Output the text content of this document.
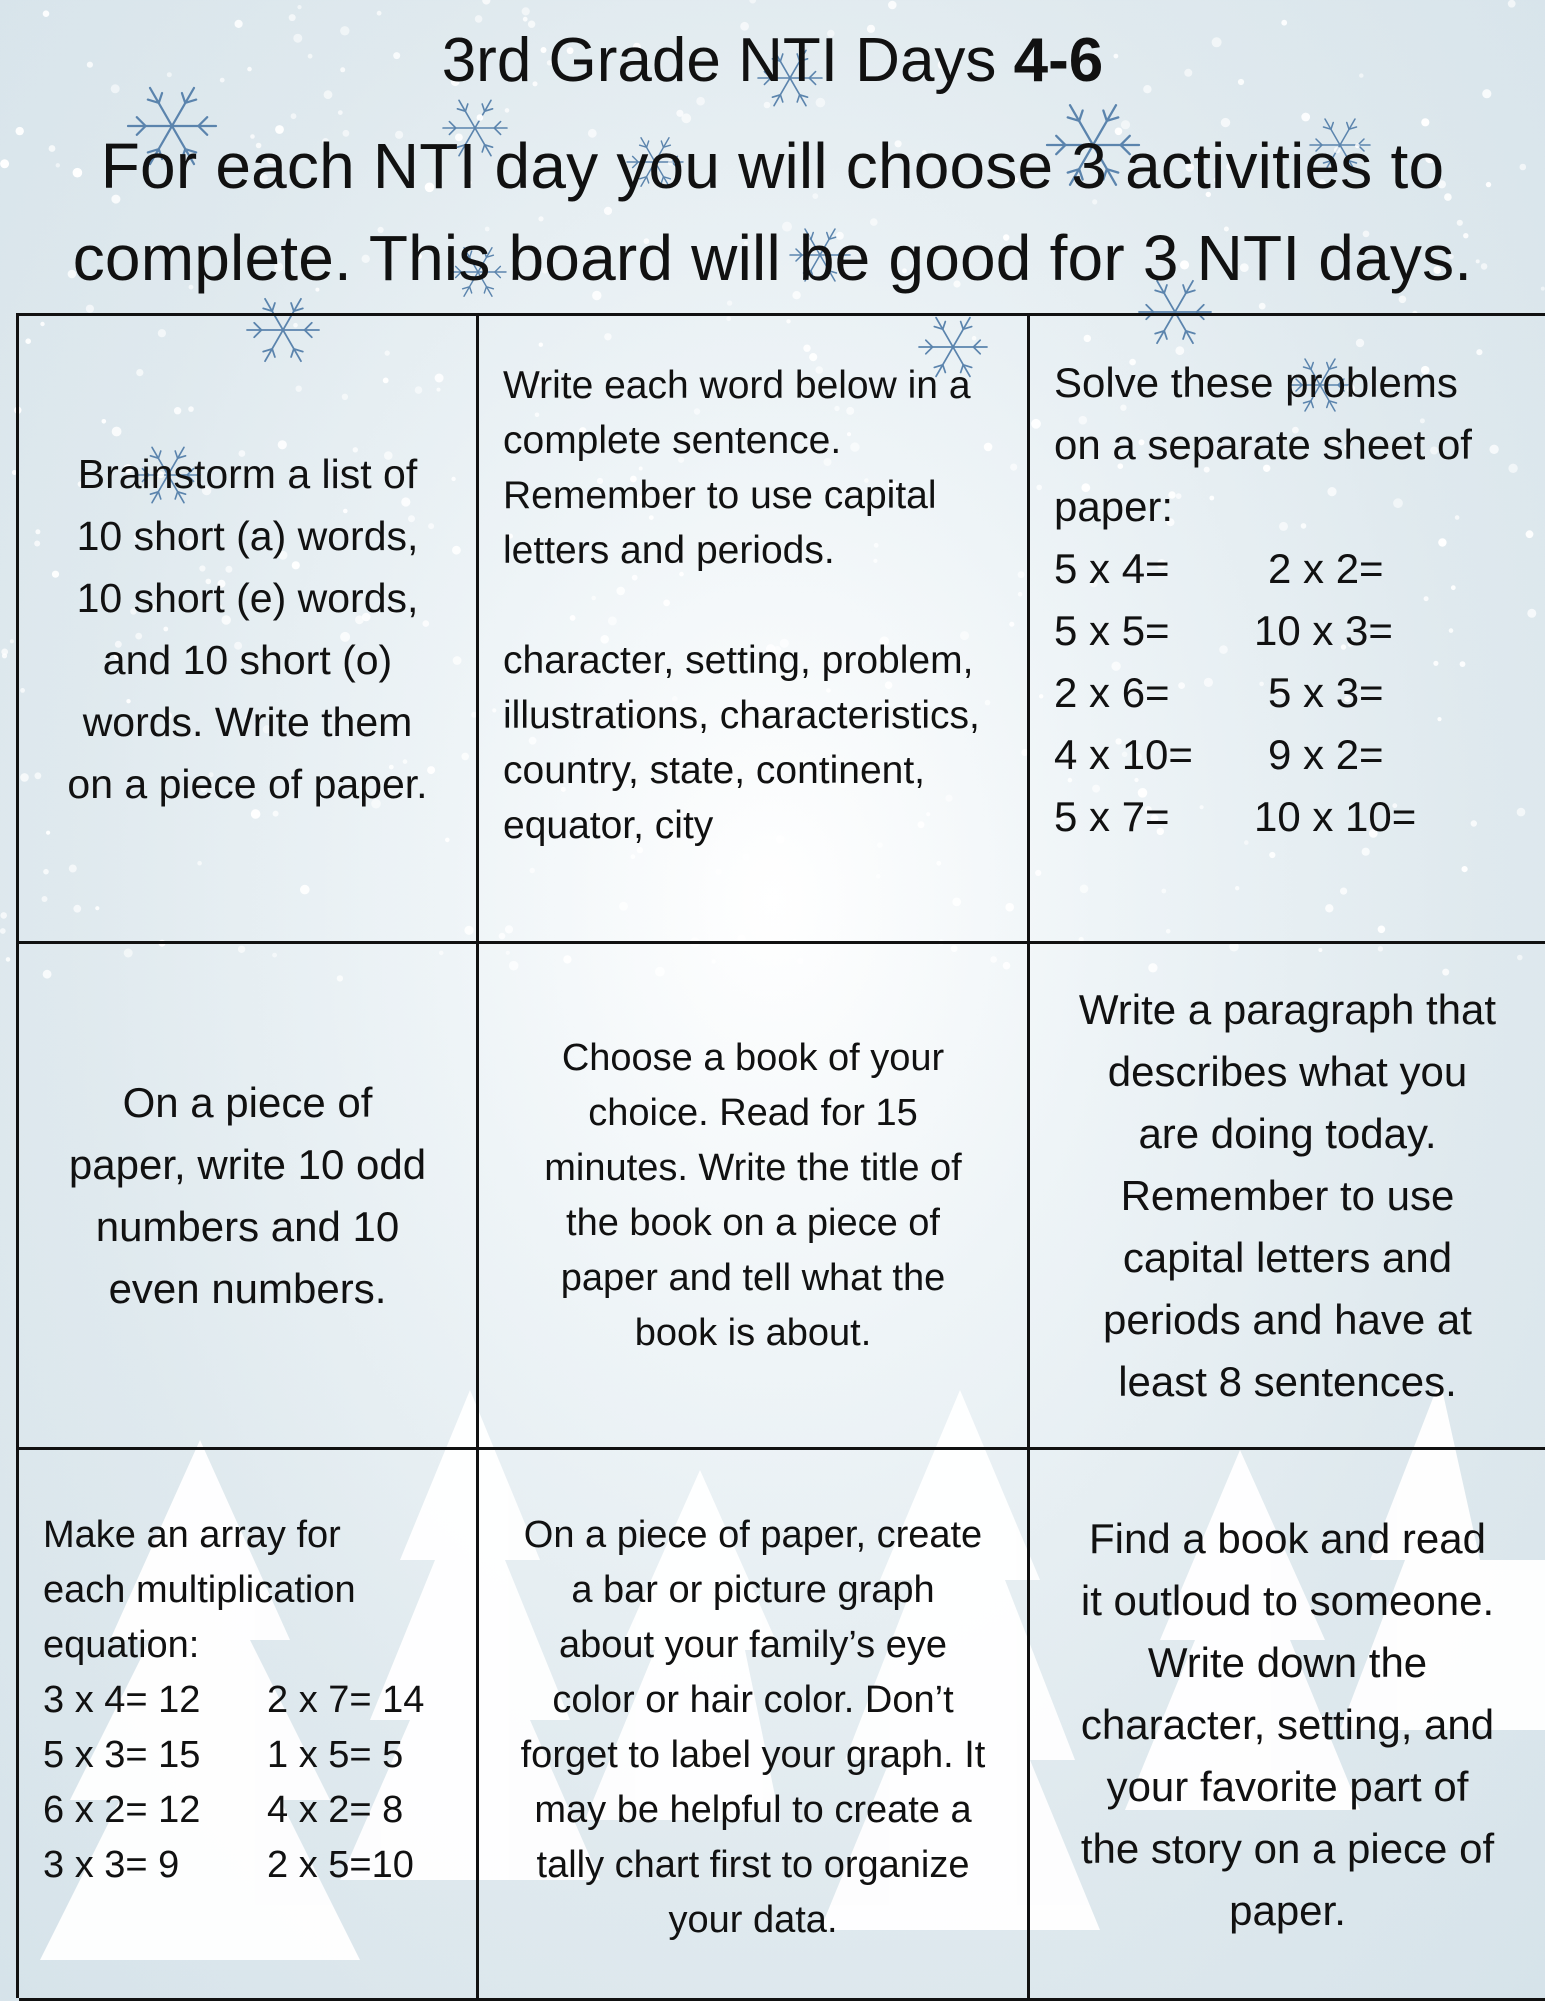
3rd Grade NTI Days 4-6
For each NTI day you will choose 3 activities to
complete. This board will be good for 3 NTI days.
Brainstorm a list of
10 short (a) words,
10 short (e) words,
and 10 short (o)
words. Write them
on a piece of paper.

Write each word below in a

complete sentence.

Remember to use capital

letters and periods.

character, setting, problem,

illustrations, characteristics,

country, state, continent,

equator, city

Solve these problems
on a separate sheet of
paper:
5 x 4=	2 x 2=
5 x 5=	10 x 3=
2 x 6=	5 x 3=
4 x 10=	9 x 2=
5 x 7=	10 x 10=
On a piece of
paper, write 10 odd
numbers and 10
even numbers.
Choose a book of your
choice. Read for 15
minutes. Write the title of
the book on a piece of
paper and tell what the
book is about.
Write a paragraph that
describes what you
are doing today.
Remember to use
capital letters and
periods and have at
least 8 sentences.
Make an array for
each multiplication
equation:
3 x 4= 12	2 x 7= 14
5 x 3= 15	1 x 5= 5
6 x 2= 12	4 x 2= 8
3 x 3= 9	2 x 5=10
On a piece of paper, create
a bar or picture graph
about your family’s eye
color or hair color. Don’t
forget to label your graph. It
may be helpful to create a
tally chart first to organize
your data.
Find a book and read
it outloud to someone.
Write down the
character, setting, and
your favorite part of
the story on a piece of
paper.
